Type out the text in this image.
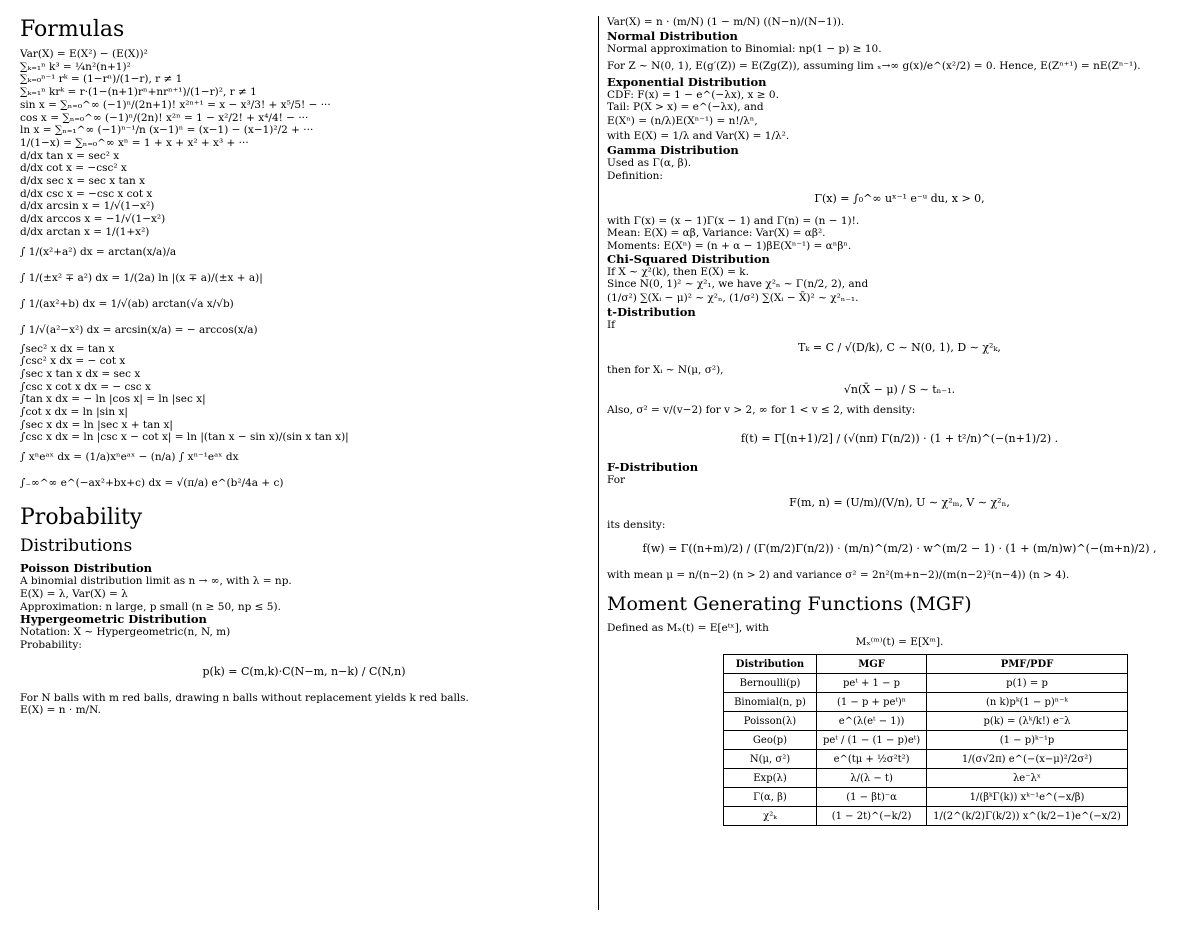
Formulas
Var(X) = E(X²) − (E(X))²
∑ₖ₌₁ⁿ k³ = ¼n²(n+1)²
∑ₖ₌₀ⁿ⁻¹ rᵏ = (1−rⁿ)/(1−r), r ≠ 1
∑ₖ₌₁ⁿ krᵏ = r·(1−(n+1)rⁿ+nrⁿ⁺¹)/(1−r)², r ≠ 1
sin x = ∑ₙ₌₀^∞ (−1)ⁿ/(2n+1)! x²ⁿ⁺¹ = x − x³/3! + x⁵/5! − ···
cos x = ∑ₙ₌₀^∞ (−1)ⁿ/(2n)! x²ⁿ = 1 − x²/2! + x⁴/4! − ···
ln x = ∑ₙ₌₁^∞ (−1)ⁿ⁻¹/n (x−1)ⁿ = (x−1) − (x−1)²/2 + ···
1/(1−x) = ∑ₙ₌₀^∞ xⁿ = 1 + x + x² + x³ + ···
d/dx tan x = sec² x
d/dx cot x = −csc² x
d/dx sec x = sec x tan x
d/dx csc x = −csc x cot x
d/dx arcsin x = 1/√(1−x²)
d/dx arccos x = −1/√(1−x²)
d/dx arctan x = 1/(1+x²)
∫ 1/(x²+a²) dx = arctan(x/a)/a
∫ 1/(±x² ∓ a²) dx = 1/(2a) ln |(x ∓ a)/(±x + a)|
∫ 1/(ax²+b) dx = 1/√(ab) arctan(√a x/√b)
∫ 1/√(a²−x²) dx = arcsin(x/a) = − arccos(x/a)
∫sec² x dx = tan x
∫csc² x dx = − cot x
∫sec x tan x dx = sec x
∫csc x cot x dx = − csc x
∫tan x dx = − ln |cos x| = ln |sec x|
∫cot x dx = ln |sin x|
∫sec x dx = ln |sec x + tan x|
∫csc x dx = ln |csc x − cot x| = ln |(tan x − sin x)/(sin x tan x)|
∫ xⁿeᵃˣ dx = (1/a)xⁿeᵃˣ − (n/a) ∫ xⁿ⁻¹eᵃˣ dx
∫₋∞^∞ e^(−ax²+bx+c) dx = √(π/a) e^(b²/4a + c)
Probability
Distributions
Poisson Distribution
A binomial distribution limit as n → ∞, with λ = np.
E(X) = λ, Var(X) = λ
Approximation: n large, p small (n ≥ 50, np ≤ 5).
Hypergeometric Distribution
Notation: X ∼ Hypergeometric(n, N, m)
Probability:
p(k) = C(m,k)·C(N−m, n−k) / C(N,n)
For N balls with m red balls, drawing n balls without replacement yields k red balls.
E(X) = n · m/N.
Var(X) = n · (m/N) (1 − m/N) ((N−n)/(N−1)).
Normal Distribution
Normal approximation to Binomial: np(1 − p) ≥ 10.
For Z ∼ N(0, 1), E(g′(Z)) = E(Zg(Z)), assuming lim ₓ→∞ g(x)/e^(x²/2) = 0. Hence, E(Zⁿ⁺¹) = nE(Zⁿ⁻¹).
Exponential Distribution
CDF: F(x) = 1 − e^(−λx), x ≥ 0.
Tail: P(X > x) = e^(−λx), and
E(Xⁿ) = (n/λ)E(Xⁿ⁻¹) = n!/λⁿ,
with E(X) = 1/λ and Var(X) = 1/λ².
Gamma Distribution
Used as Γ(α, β).
Definition:
Γ(x) = ∫₀^∞ uˣ⁻¹ e⁻ᵘ du, x > 0,
with Γ(x) = (x − 1)Γ(x − 1) and Γ(n) = (n − 1)!.
Mean: E(X) = αβ, Variance: Var(X) = αβ².
Moments: E(Xⁿ) = (n + α − 1)βE(Xⁿ⁻¹) = αⁿβⁿ.
Chi-Squared Distribution
If X ∼ χ²(k), then E(X) = k.
Since N(0, 1)² ∼ χ²₁, we have χ²ₙ ∼ Γ(n/2, 2), and
(1/σ²) ∑(Xᵢ − μ)² ∼ χ²ₙ, (1/σ²) ∑(Xᵢ − X̄)² ∼ χ²ₙ₋₁.
t-Distribution
If
Tₖ = C / √(D/k), C ∼ N(0, 1), D ∼ χ²ₖ,
then for Xᵢ ∼ N(μ, σ²),
√n(X̄ − μ) / S ∼ tₙ₋₁.
Also, σ² = v/(v−2) for v > 2, ∞ for 1 < v ≤ 2, with density:
f(t) = Γ[(n+1)/2] / (√(nπ) Γ(n/2)) · (1 + t²/n)^(−(n+1)/2) .
F-Distribution
For
F(m, n) = (U/m)/(V/n), U ∼ χ²ₘ, V ∼ χ²ₙ,
its density:
f(w) = Γ((n+m)/2) / (Γ(m/2)Γ(n/2)) · (m/n)^(m/2) · w^(m/2 − 1) · (1 + (m/n)w)^(−(m+n)/2) ,
with mean μ = n/(n−2) (n > 2) and variance σ² = 2n²(m+n−2)/(m(n−2)²(n−4)) (n > 4).
Moment Generating Functions (MGF)
Defined as Mₓ(t) = E[eᵗˣ], with
Mₓ⁽ᵐ⁾(t) = E[Xᵐ].
Distribution	MGF	PMF/PDF
Bernoulli(p)	peᵗ + 1 − p	p(1) = p
Binomial(n, p)	(1 − p + peᵗ)ⁿ	(n k)pᵏ(1 − p)ⁿ⁻ᵏ
Poisson(λ)	e^(λ(eᵗ − 1))	p(k) = (λᵏ/k!) e⁻λ
Geo(p)	peᵗ / (1 − (1 − p)eᵗ)	(1 − p)ᵏ⁻¹p
N(μ, σ²)	e^(tμ + ½σ²t²)	1/(σ√2π) e^(−(x−μ)²/2σ²)
Exp(λ)	λ/(λ − t)	λe⁻λˣ
Γ(α, β)	(1 − βt)⁻α	1/(βᵏΓ(k)) xᵏ⁻¹e^(−x/β)
χ²ₖ	(1 − 2t)^(−k/2)	1/(2^(k/2)Γ(k/2)) x^(k/2−1)e^(−x/2)
